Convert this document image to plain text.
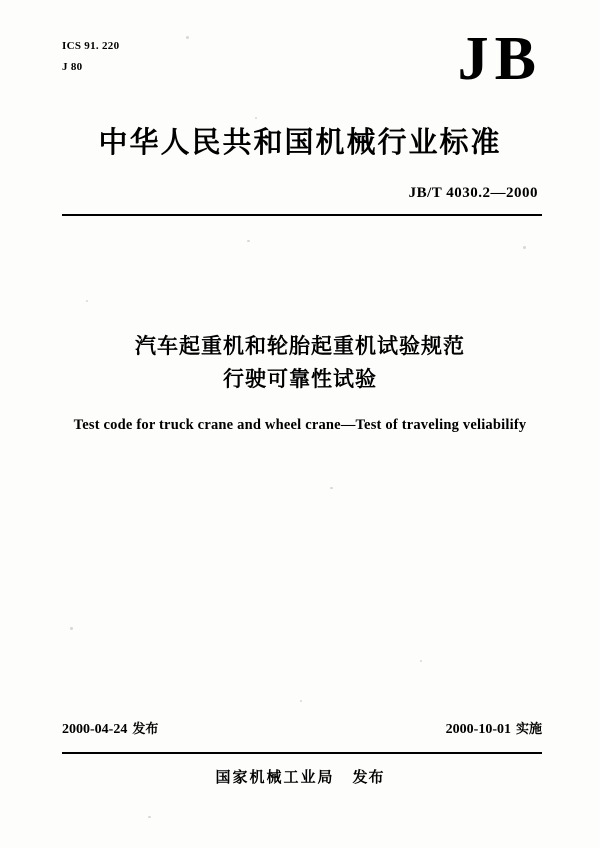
ICS 91. 220
J 80	JB
中华人民共和国机械行业标准
JB/T 4030.2—2000
汽车起重机和轮胎起重机试验规范
行驶可靠性试验
Test code for truck crane and wheel crane—Test of traveling veliabilify
2000-04-24 发布	2000-10-01 实施
国家机械工业局 发布
